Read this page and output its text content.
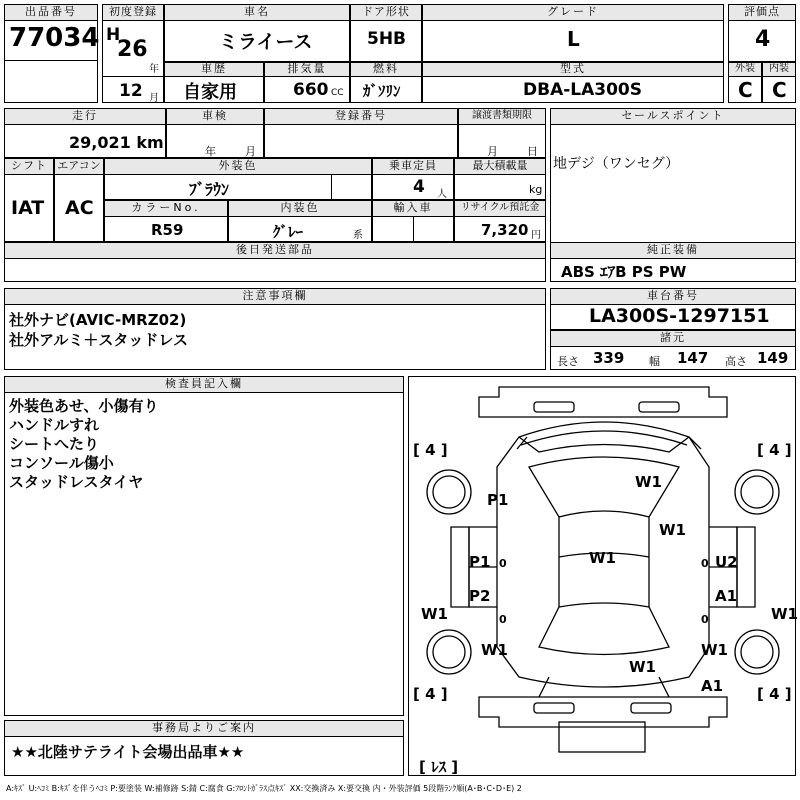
出品番号
77034
初度登録
H
26
年
12 月
車名
ミライース
ドア形状
5HB
グレード
L
評価点
4
車歴
自家用
排気量
660 CC
燃料
ｶﾞｿﾘﾝ
型式
DBA-LA300S
外装
C
内装
C
走行
29,021 km
車検
年	月
登録番号	譲渡書類期限
月	日
セールスポイント
地デジ（ワンセグ）
シフト
IAT
エアコン
AC
外装色
ﾌﾞﾗｳﾝ
乗車定員
4 人
最大積載量
kg
カラーNo.
R59
内装色
ｸﾞﾚｰ	系
輸入車	リサイクル預託金
7,320 円
後日発送部品	純正装備
ABS ｴｱB PS PW
注意事項欄
社外ナビ(AVIC-MRZ02)
社外アルミ＋スタッドレス
車台番号
LA300S-1297151
諸元
長さ 339 幅 147 高さ 149
検査員記入欄
外装色あせ、小傷有り
ハンドルすれ
シートへたり
コンソール傷小
スタッドレスタイヤ
[ 4 ]	[ 4 ]
[ 4 ]	[ 4 ]
[ ﾚｽ ]
P1
W1
W1
W1
P1 0	U2
0
P2
0
A1
0
W1
W1	W1
W1
W1
A1
事務局よりご案内
★★北陸サテライト会場出品車★★
A:ｷｽﾞ U:ﾍｺﾐ B:ｷｽﾞを伴うﾍｺﾐ P:要塗装 W:補修跡 S:錆 C:腐食 G:ﾌﾛﾝﾄｶﾞﾗｽ点ｷｽﾞ XX:交換済み X:要交換 内・外装評価 5段階ﾗﾝｸ順(A･B･C･D･E) 2
